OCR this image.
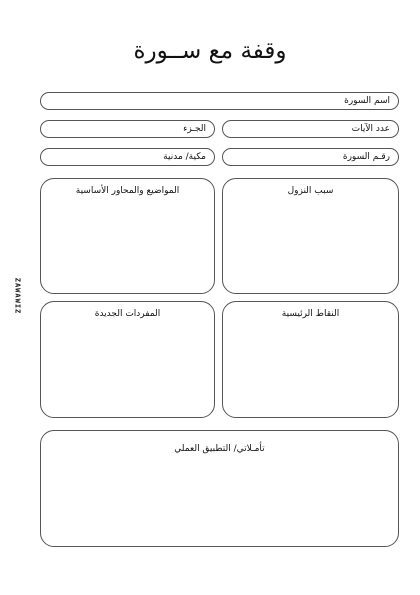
وقفة مع ســورة
اسم السورة
عدد الآيات
الجـزء
رقـم السورة
مكية/ مدنية
سبب النزول
المواضيع والمحاور الأساسية
النقاط الرئيسية
المفردات الجديدة
تأمـلاتي/ التطبيق العملي
ZAWAWIZ
